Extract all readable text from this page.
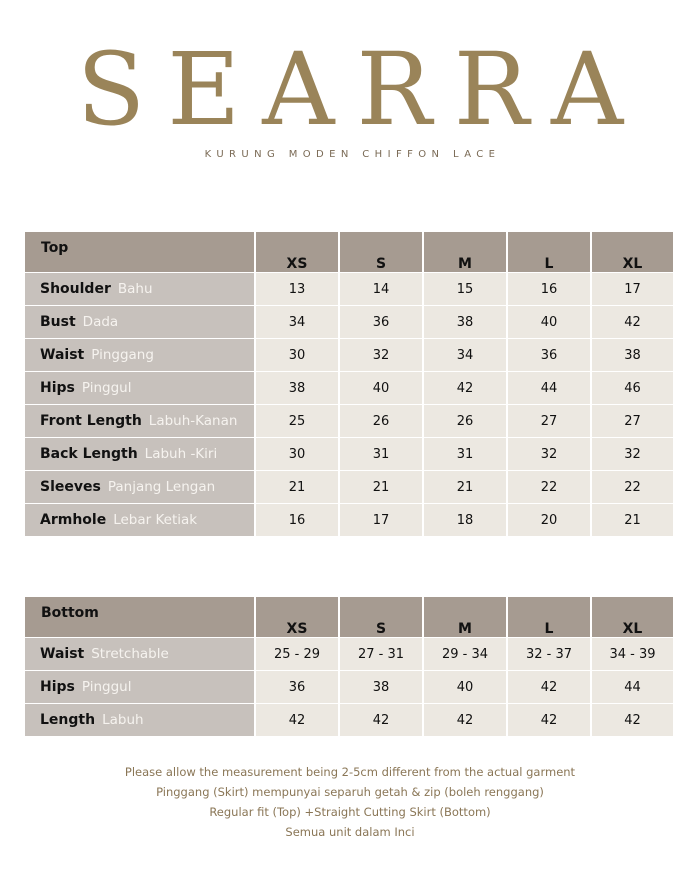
SEARRA
KURUNG MODEN CHIFFON LACE
Top	XS	S	M	L	XL
Shoulder Bahu	13	14	15	16	17
Bust Dada	34	36	38	40	42
Waist Pinggang	30	32	34	36	38
Hips Pinggul	38	40	42	44	46
Front Length Labuh-Kanan	25	26	26	27	27
Back Length Labuh -Kiri	30	31	31	32	32
Sleeves Panjang Lengan	21	21	21	22	22
Armhole Lebar Ketiak	16	17	18	20	21
Bottom	XS	S	M	L	XL
Waist Stretchable	25 - 29	27 - 31	29 - 34	32 - 37	34 - 39
Hips Pinggul	36	38	40	42	44
Length Labuh	42	42	42	42	42
Please allow the measurement being 2-5cm different from the actual garment
Pinggang (Skirt) mempunyai separuh getah & zip (boleh renggang)
Regular fit (Top) +Straight Cutting Skirt (Bottom)
Semua unit dalam Inci
